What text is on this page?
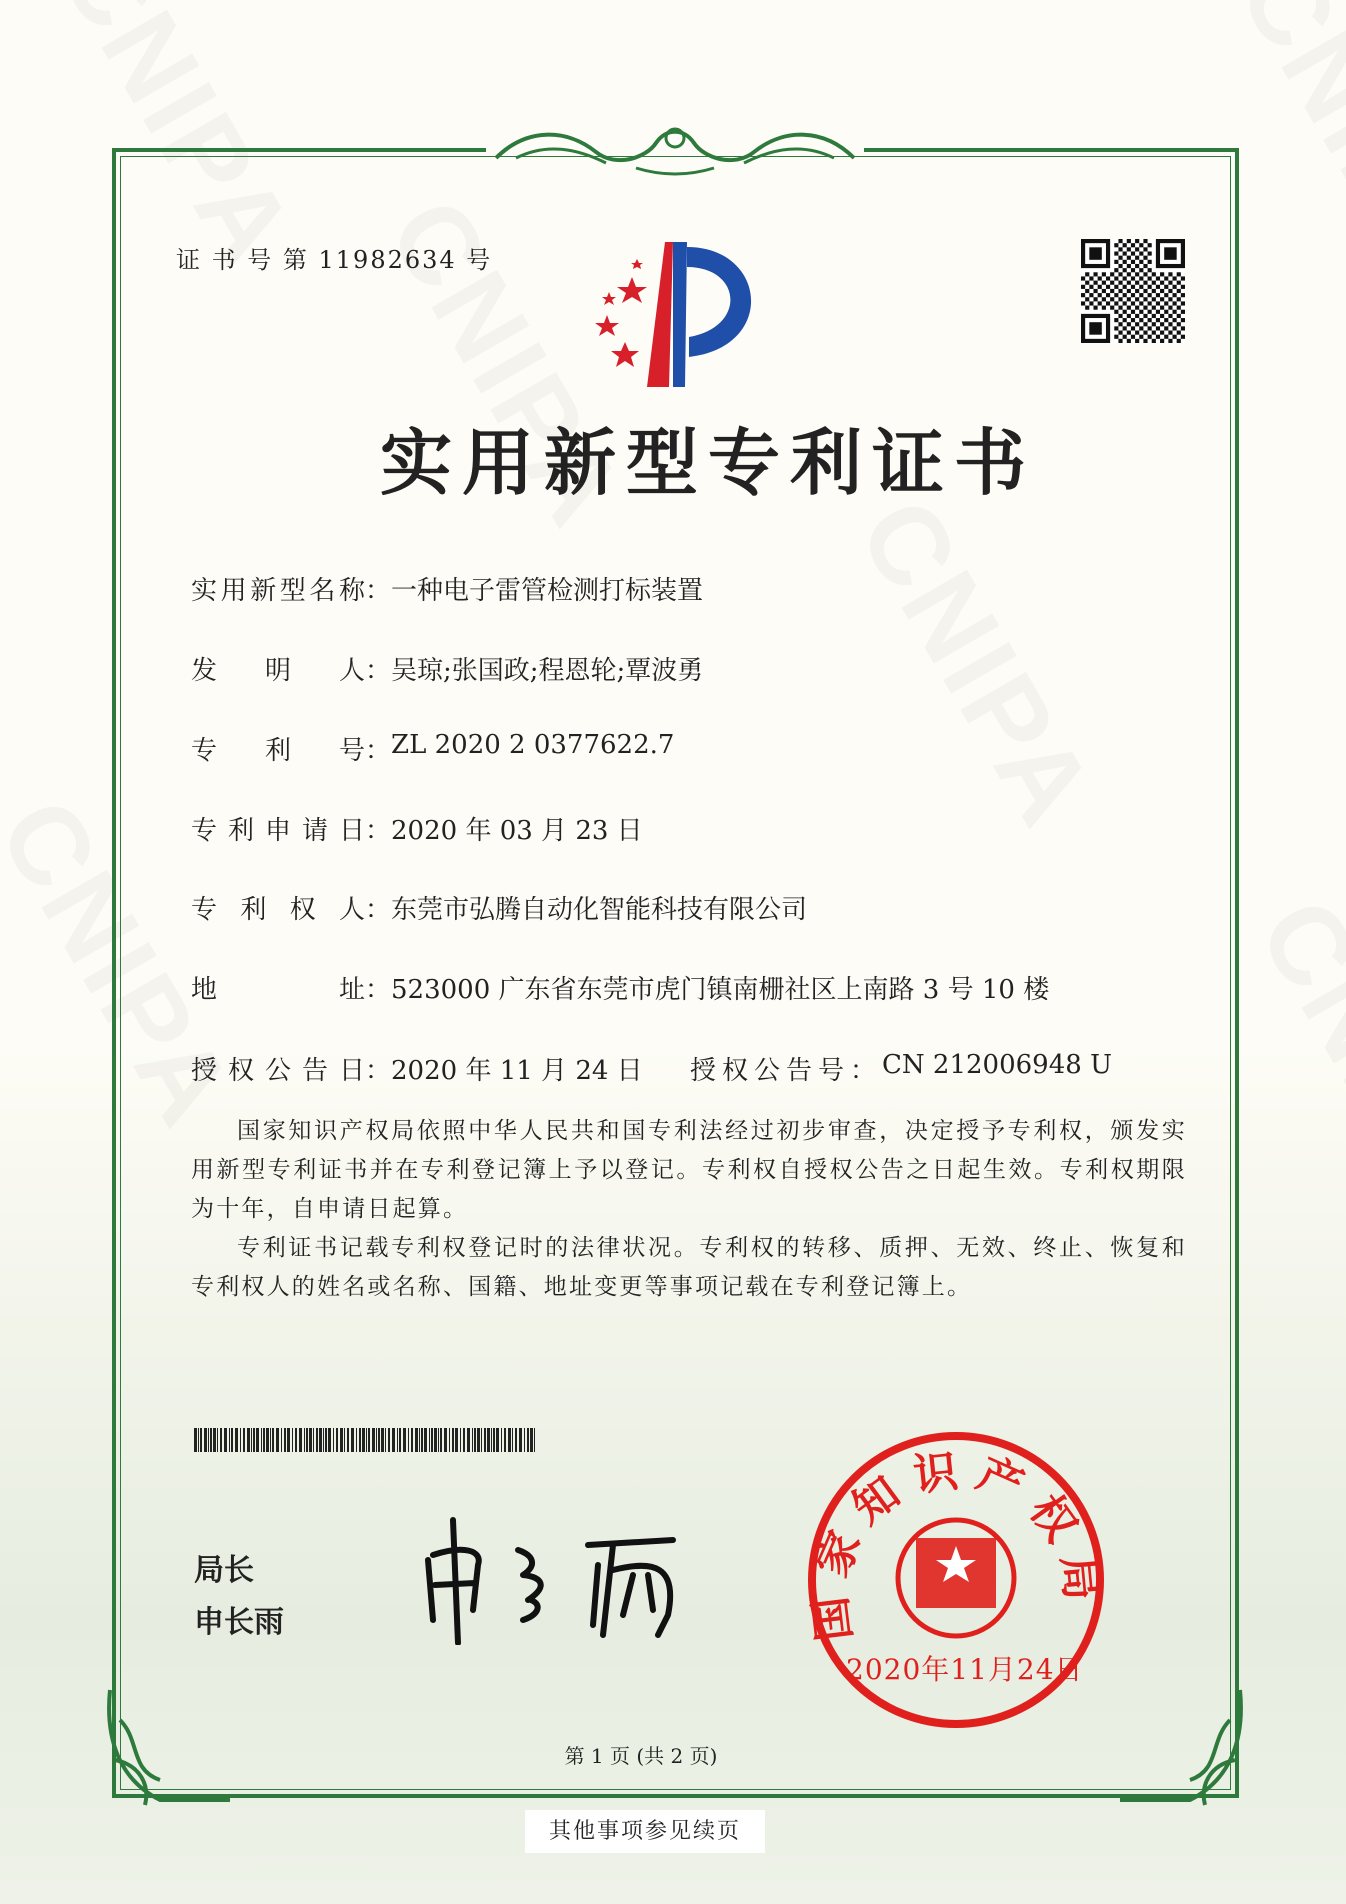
证 书 号 第 11982634 号
实用新型专利证书
实 用 新 型 名 称 ： 一种电子雷管检测打标装置
发 明 人 ： 吴琼;张国政;程恩轮;覃波勇
专 利 号 ： ZL 2020 2 0377622.7
专 利 申 请 日 ： 2020 年 03 月 23 日
专 利 权 人 ： 东莞市弘腾自动化智能科技有限公司
地	址 ： 523000 广东省东莞市虎门镇南栅社区上南路 3 号 10 楼
授 权 公 告 日 ： 2020 年 11 月 24 日 授权公告号： CN 212006948 U

国家知识产权局依照中华人民共和国专利法经过初步审查，决定授予专利权，颁发实用新型专利证书并在专利登记簿上予以登记。专利权自授权公告之日起生效。专利权期限为十年，自申请日起算。

专利证书记载专利权登记时的法律状况。专利权的转移、质押、无效、终止、恢复和专利权人的姓名或名称、国籍、地址变更等事项记载在专利登记簿上。

局长
申长雨	国家知识产权局
2020年11月24日
第 1 页 (共 2 页)
其他事项参见续页
